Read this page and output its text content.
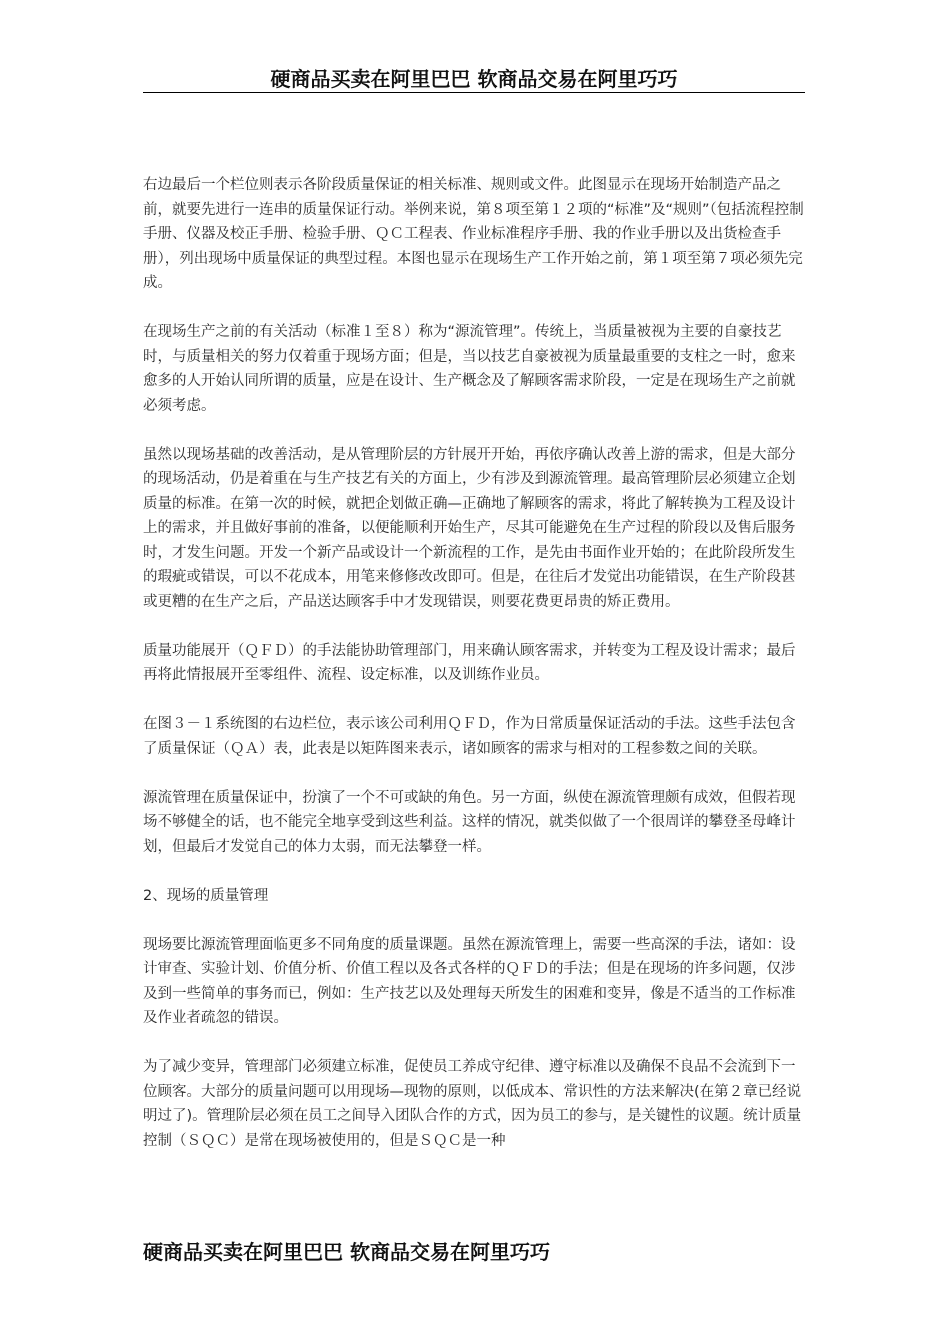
硬商品买卖在阿里巴巴 软商品交易在阿里巧巧

右边最后一个栏位则表示各阶段质量保证的相关标准、规则或文件。此图显示在现场开始制造产品之前，就要先进行一连串的质量保证行动。举例来说，第８项至第１２项的“标准”及“规则”（包括流程控制手册、仪器及校正手册、检验手册、ＱＣ工程表、作业标准程序手册、我的作业手册以及出货检查手册），列出现场中质量保证的典型过程。本图也显示在现场生产工作开始之前，第１项至第７项必须先完成。

在现场生产之前的有关活动（标准１至８）称为“源流管理”。传统上，当质量被视为主要的自豪技艺时，与质量相关的努力仅着重于现场方面；但是，当以技艺自豪被视为质量最重要的支柱之一时，愈来愈多的人开始认同所谓的质量，应是在设计、生产概念及了解顾客需求阶段，一定是在现场生产之前就必须考虑。

虽然以现场基础的改善活动，是从管理阶层的方针展开开始，再依序确认改善上游的需求，但是大部分的现场活动，仍是着重在与生产技艺有关的方面上，少有涉及到源流管理。最高管理阶层必须建立企划质量的标准。在第一次的时候，就把企划做正确—正确地了解顾客的需求，将此了解转换为工程及设计上的需求，并且做好事前的准备，以便能顺利开始生产，尽其可能避免在生产过程的阶段以及售后服务时，才发生问题。开发一个新产品或设计一个新流程的工作，是先由书面作业开始的；在此阶段所发生的瑕疵或错误，可以不花成本，用笔来修修改改即可。但是，在往后才发觉出功能错误，在生产阶段甚或更糟的在生产之后，产品送达顾客手中才发现错误，则要花费更昂贵的矫正费用。

质量功能展开（ＱＦＤ）的手法能协助管理部门，用来确认顾客需求，并转变为工程及设计需求；最后再将此情报展开至零组件、流程、设定标准，以及训练作业员。

在图３－１系统图的右边栏位，表示该公司利用ＱＦＤ，作为日常质量保证活动的手法。这些手法包含了质量保证（ＱＡ）表，此表是以矩阵图来表示，诸如顾客的需求与相对的工程参数之间的关联。

源流管理在质量保证中，扮演了一个不可或缺的角色。另一方面，纵使在源流管理颇有成效，但假若现场不够健全的话，也不能完全地享受到这些利益。这样的情况，就类似做了一个很周详的攀登圣母峰计划，但最后才发觉自己的体力太弱，而无法攀登一样。

2、现场的质量管理

现场要比源流管理面临更多不同角度的质量课题。虽然在源流管理上，需要一些高深的手法，诸如：设计审查、实验计划、价值分析、价值工程以及各式各样的ＱＦＤ的手法；但是在现场的许多问题，仅涉及到一些简单的事务而已，例如：生产技艺以及处理每天所发生的困难和变异，像是不适当的工作标准及作业者疏忽的错误。

为了减少变异，管理部门必须建立标准，促使员工养成守纪律、遵守标准以及确保不良品不会流到下一位顾客。大部分的质量问题可以用现场—现物的原则，以低成本、常识性的方法来解决(在第２章已经说明过了)。管理阶层必须在员工之间导入团队合作的方式，因为员工的参与，是关键性的议题。统计质量控制（ＳＱＣ）是常在现场被使用的，但是ＳＱＣ是一种

硬商品买卖在阿里巴巴 软商品交易在阿里巧巧
